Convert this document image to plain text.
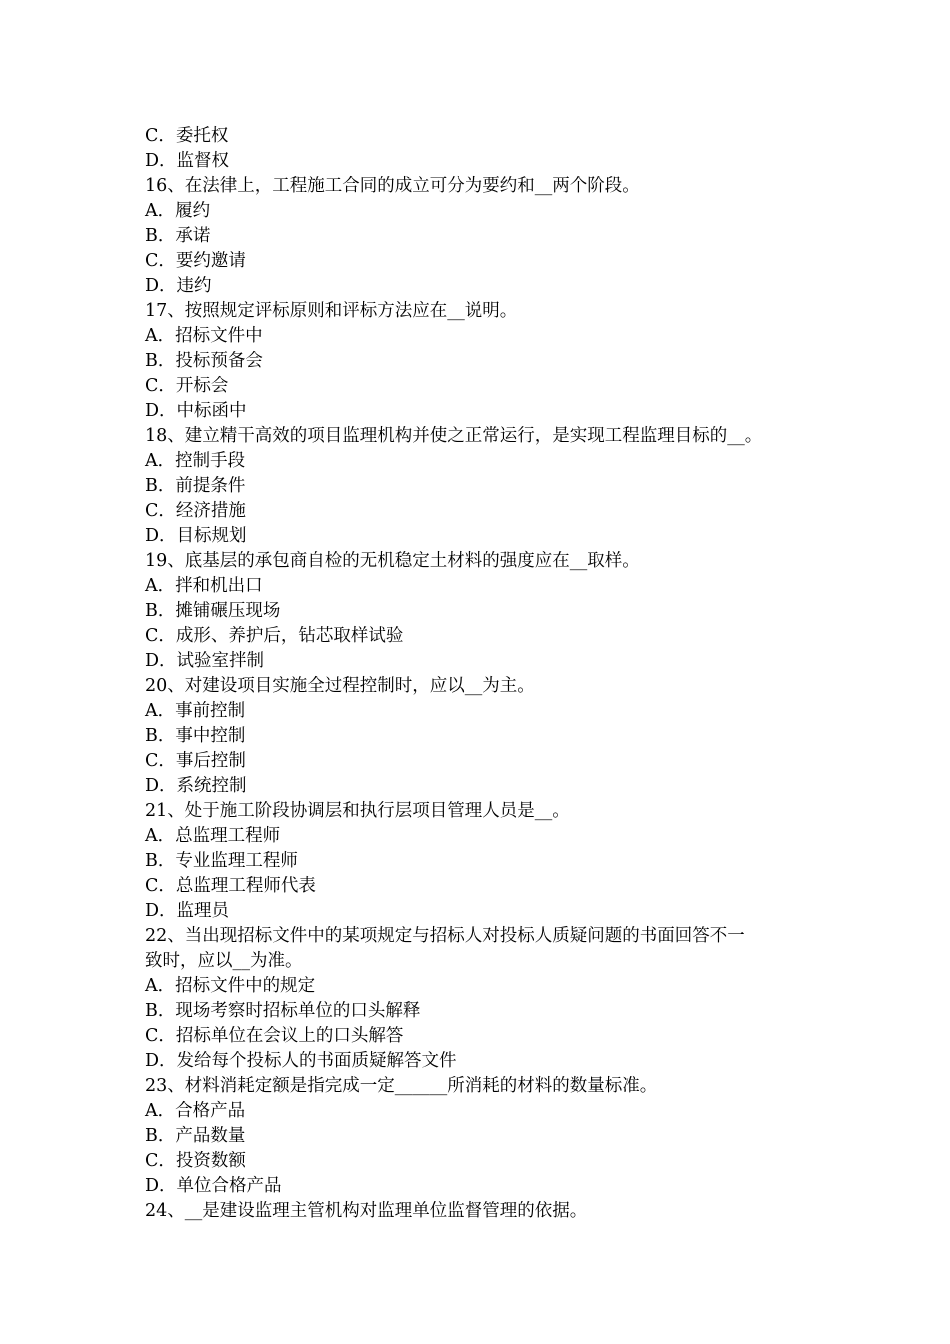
C．委托权

D．监督权

16、在法律上，工程施工合同的成立可分为要约和__两个阶段。

A．履约

B．承诺

C．要约邀请

D．违约

17、按照规定评标原则和评标方法应在__说明。

A．招标文件中

B．投标预备会

C．开标会

D．中标函中

18、建立精干高效的项目监理机构并使之正常运行，是实现工程监理目标的__。

A．控制手段

B．前提条件

C．经济措施

D．目标规划

19、底基层的承包商自检的无机稳定土材料的强度应在__取样。

A．拌和机出口

B．摊铺碾压现场

C．成形、养护后，钻芯取样试验

D．试验室拌制

20、对建设项目实施全过程控制时，应以__为主。

A．事前控制

B．事中控制

C．事后控制

D．系统控制

21、处于施工阶段协调层和执行层项目管理人员是__。

A．总监理工程师

B．专业监理工程师

C．总监理工程师代表

D．监理员

22、当出现招标文件中的某项规定与招标人对投标人质疑问题的书面回答不一

致时，应以__为准。

A．招标文件中的规定

B．现场考察时招标单位的口头解释

C．招标单位在会议上的口头解答

D．发给每个投标人的书面质疑解答文件

23、材料消耗定额是指完成一定______所消耗的材料的数量标准。

A．合格产品

B．产品数量

C．投资数额

D．单位合格产品

24、__是建设监理主管机构对监理单位监督管理的依据。
